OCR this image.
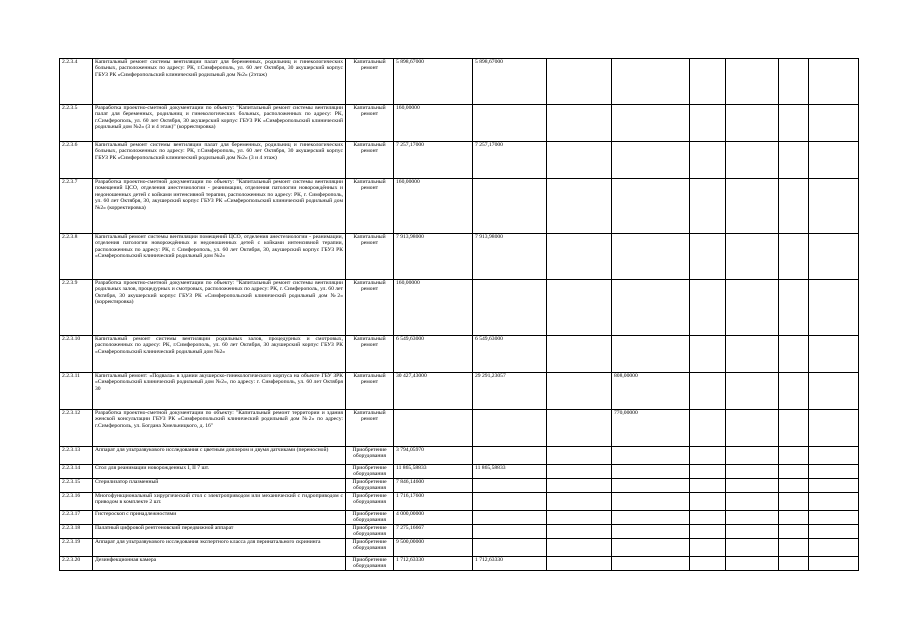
2.2.3.4	Капитальный ремонт системы вентиляции палат для беременных, родильниц и гинекологических больных, расположенных по адресу: РК, г.Симферополь, ул. 60 лет Октября, 30 акушерский корпус ГБУЗ РК «Симферопольский клинический родильный дом №2» (2этаж)	Капитальный ремонт	5 898,67000	5 898,67000						
2.2.3.5	Разработка проектно-сметной документации по объекту: "Капитальный ремонт системы вентиляции палат для беременных, родильниц и гинекологических больных, расположенных по адресу: РК, г.Симферополь, ул. 60 лет Октября, 30 акушерский корпус ГБУЗ РК «Симферопольский клинический родильный дом №2» (3 и 4 этаж)" (корректировка)	Капитальный ремонт	160,00000							
2.2.3.6	Капитальный ремонт системы вентиляции палат для беременных, родильниц и гинекологических больных, расположенных по адресу: РК, г.Симферополь, ул. 60 лет Октября, 30 акушерский корпус ГБУЗ РК «Симферопольский клинический родильный дом №2» (3 и 4 этаж)	Капитальный ремонт	7 257,17000	7 257,17000						
2.2.3.7	Разработка проектно-сметной документации по объекту: "Капитальный ремонт системы вентиляции помещений ЦСО, отделения анестезиологии - реанимации, отделения патологии новорождённых и недоношенных детей с койками интенсивной терапии, расположенных по адресу: РК, г. Симферополь, ул. 60 лет Октября, 30, акушерский корпус ГБУЗ РК «Симферопольский клинический родильный дом №2» (корректировка)	Капитальный ремонт	160,00000							
2.2.3.8	Капитальный ремонт системы вентиляции помещений ЦСО, отделения анестезиологии - реанимации, отделения патологии новорождённых и недоношенных детей с койками интенсивной терапии, расположенных по адресу: РК, г. Симферополь, ул. 60 лет Октября, 30, акушерский корпус ГБУЗ РК «Симферопольский клинический родильный дом №2»	Капитальный ремонт	7 913,98000	7 913,98000						
2.2.3.9	Разработка проектно-сметной документации по объекту: "Капитальный ремонт системы вентиляции родильных залов, процедурных и смотровых, расположенных по адресу: РК, г. Симферополь, ул. 60 лет Октября, 30 акушерский корпус ГБУЗ РК «Симферопольский клинический родильный дом №2» (корректировка)	Капитальный ремонт	160,00000							
2.2.3.10	Капитальный ремонт системы вентиляции родильных залов, процедурных и смотровых, расположенных по адресу: РК, г.Симферополь, ул. 60 лет Октября, 30 акушерский корпус ГБУЗ РК «Симферопольский клинический родильный дом №2»	Капитальный ремонт	6 549,63000	6 549,63000						
2.2.3.11	Капитальный ремонт: «Подвала» в здании акушерско-гинекологического корпуса на объекте ГБУ ЗРК «Симферопольский клинический родильный дом №2», по адресу: г. Симферополь, ул. 60 лет Октября 30	Капитальный ремонт	30 427,43000	29 291,23057		808,00000				
2.2.3.12	Разработка проектно-сметной документации по объекту: "Капитальный ремонт территории и здания женской консультации ГБУЗ РК «Симферопольский клинический родильный дом №2» по адресу: г.Симферополь, ул. Богдана Хмельницкого, д. 16"	Капитальный ремонт				770,00000				
2.2.3.13	Аппарат для ультразвукового исследования с цветным доплером и двумя датчиками (переносной)	Приобретение оборудования	3 794,05970							
2.2.3.14	Стол для реанимации новорожденных I, II 7 шт.	Приобретение оборудования	11 865,58833	11 865,58833						
2.2.3.15	Стерилизатор плазменный	Приобретение оборудования	7 846,14600							
2.2.3.16	Многофункциональный хирургический стол с электроприводом или механический с гидроприводом с приводом в комплекте 2 шт.	Приобретение оборудования	1 716,17600							
2.2.3.17	Гистероскоп с принадлежностями	Приобретение оборудования	4 000,00000							
2.2.3.18	Палатный цифровой рентгеновский передвижной аппарат	Приобретение оборудования	7 275,16667							
2.2.3.19	Аппарат для ультразвукового исследования экспертного класса для перинатального скрининга	Приобретение оборудования	9 500,00000							
2.2.3.20	Дезинфекционная камера	Приобретение оборудования	1 712,63330	1 712,63330						
